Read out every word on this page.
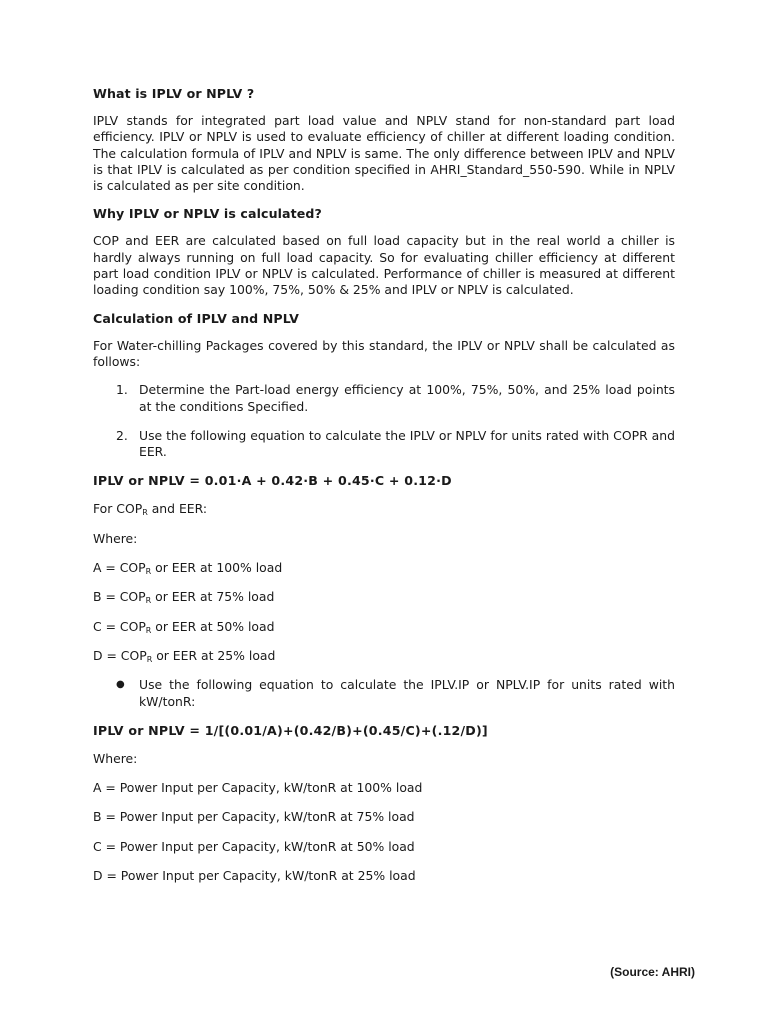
What is IPLV or NPLV ?

IPLV stands for integrated part load value and NPLV stand for non-standard part load efficiency. IPLV or NPLV is used to evaluate efficiency of chiller at different loading condition. The calculation formula of IPLV and NPLV is same. The only difference between IPLV and NPLV is that IPLV is calculated as per condition specified in AHRI_Standard_550-590. While in NPLV is calculated as per site condition.

Why IPLV or NPLV is calculated?

COP and EER are calculated based on full load capacity but in the real world a chiller is hardly always running on full load capacity. So for evaluating chiller efficiency at different part load condition IPLV or NPLV is calculated. Performance of chiller is measured at different loading condition say 100%, 75%, 50% & 25% and IPLV or NPLV is calculated.

Calculation of IPLV and NPLV

For Water-chilling Packages covered by this standard, the IPLV or NPLV shall be calculated as follows:

1. Determine the Part-load energy efficiency at 100%, 75%, 50%, and 25% load points at the conditions Specified.
2. Use the following equation to calculate the IPLV or NPLV for units rated with COPR and EER.
IPLV or NPLV = 0.01·A + 0.42·B + 0.45·C + 0.12·D
For $COP_R$ and EER:
Where:
$A = COP_R$ or EER at 100% load
$B = COP_R$ or EER at 75% load
$C = COP_R$ or EER at 50% load
$D = COP_R$ or EER at 25% load
● Use the following equation to calculate the IPLV.IP or NPLV.IP for units rated with kW/tonR:
IPLV or NPLV = 1/[(0.01/A)+(0.42/B)+(0.45/C)+(.12/D)]
Where:
A = Power Input per Capacity, kW/tonR at 100% load
B = Power Input per Capacity, kW/tonR at 75% load
C = Power Input per Capacity, kW/tonR at 50% load
D = Power Input per Capacity, kW/tonR at 25% load
(Source: AHRI)
